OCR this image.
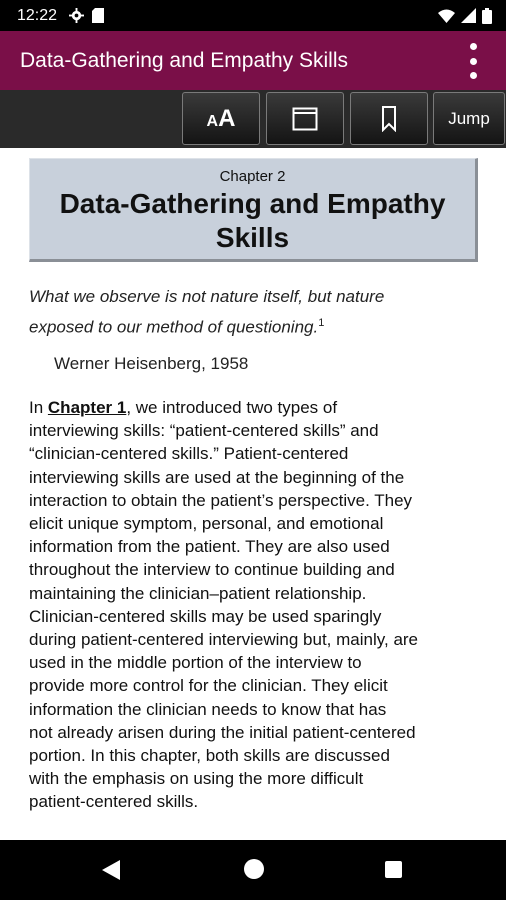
12:22
Data-Gathering and Empathy Skills
AA	Jump
Chapter 2
Data-Gathering and Empathy Skills
What we observe is not nature itself, but nature
exposed to our method of questioning.$^1$
Werner Heisenberg, 1958
In Chapter 1, we introduced two types of
interviewing skills: “patient-centered skills” and
“clinician-centered skills.” Patient-centered
interviewing skills are used at the beginning of the
interaction to obtain the patient’s perspective. They
elicit unique symptom, personal, and emotional
information from the patient. They are also used
throughout the interview to continue building and
maintaining the clinician–patient relationship.
Clinician-centered skills may be used sparingly
during patient-centered interviewing but, mainly, are
used in the middle portion of the interview to
provide more control for the clinician. They elicit
information the clinician needs to know that has
not already arisen during the initial patient-centered
portion. In this chapter, both skills are discussed
with the emphasis on using the more difficult
patient-centered skills.
